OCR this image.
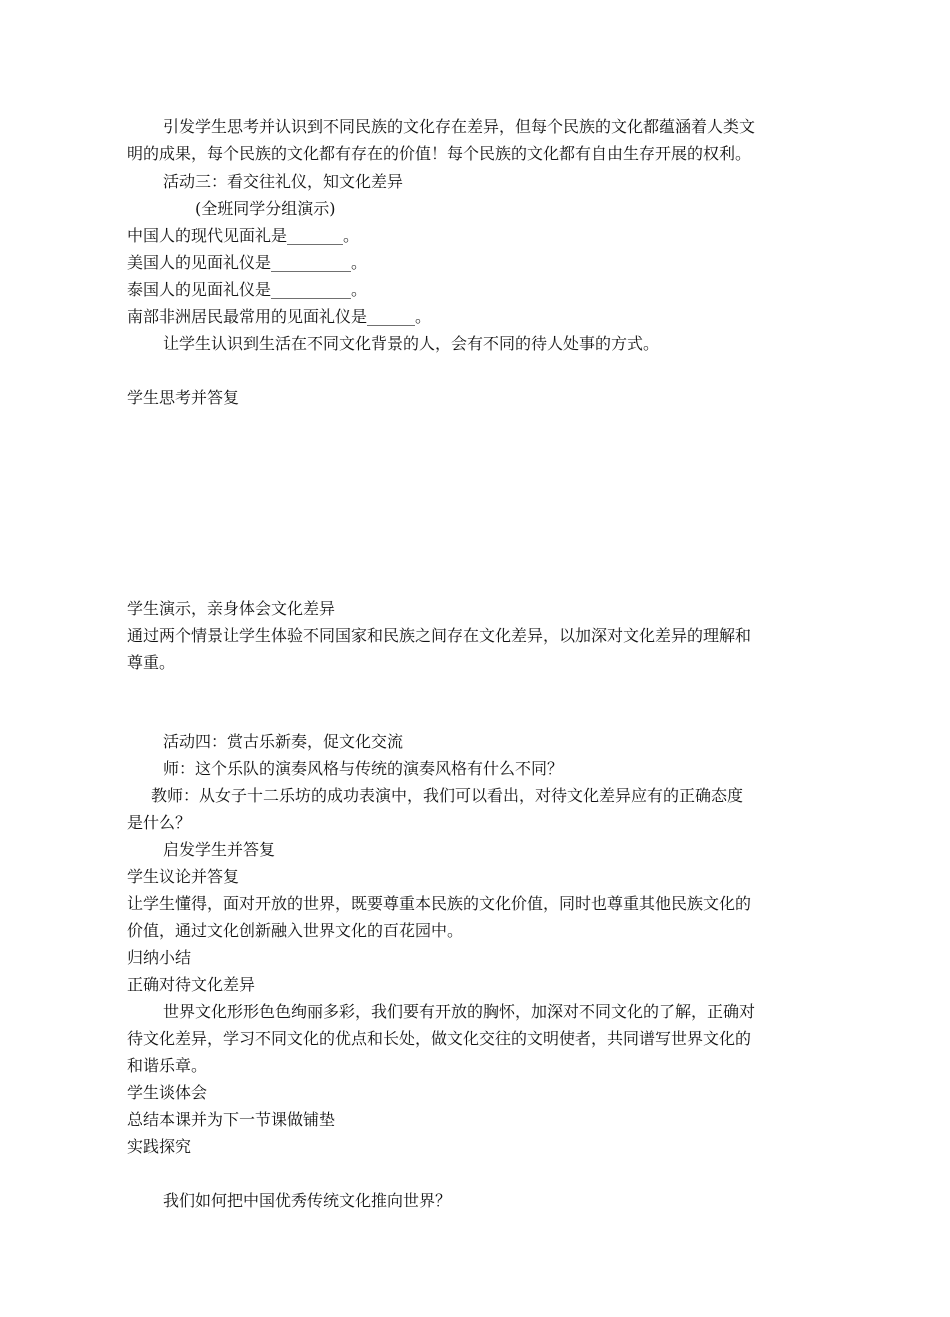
引发学生思考并认识到不同民族的文化存在差异，但每个民族的文化都蕴涵着人类文
明的成果，每个民族的文化都有存在的价值！每个民族的文化都有自由生存开展的权利。
活动三：看交往礼仪，知文化差异
(全班同学分组演示)
中国人的现代见面礼是_______。
美国人的见面礼仪是__________。
泰国人的见面礼仪是__________。
南部非洲居民最常用的见面礼仪是______。
让学生认识到生活在不同文化背景的人，会有不同的待人处事的方式。
学生思考并答复
学生演示，亲身体会文化差异
通过两个情景让学生体验不同国家和民族之间存在文化差异，以加深对文化差异的理解和
尊重。
活动四：赏古乐新奏，促文化交流
师：这个乐队的演奏风格与传统的演奏风格有什么不同？
教师：从女子十二乐坊的成功表演中，我们可以看出，对待文化差异应有的正确态度
是什么？
启发学生并答复
学生议论并答复
让学生懂得，面对开放的世界，既要尊重本民族的文化价值，同时也尊重其他民族文化的
价值，通过文化创新融入世界文化的百花园中。
归纳小结
正确对待文化差异
世界文化形形色色绚丽多彩，我们要有开放的胸怀，加深对不同文化的了解，正确对
待文化差异，学习不同文化的优点和长处，做文化交往的文明使者，共同谱写世界文化的
和谐乐章。
学生谈体会
总结本课并为下一节课做铺垫
实践探究
我们如何把中国优秀传统文化推向世界？
